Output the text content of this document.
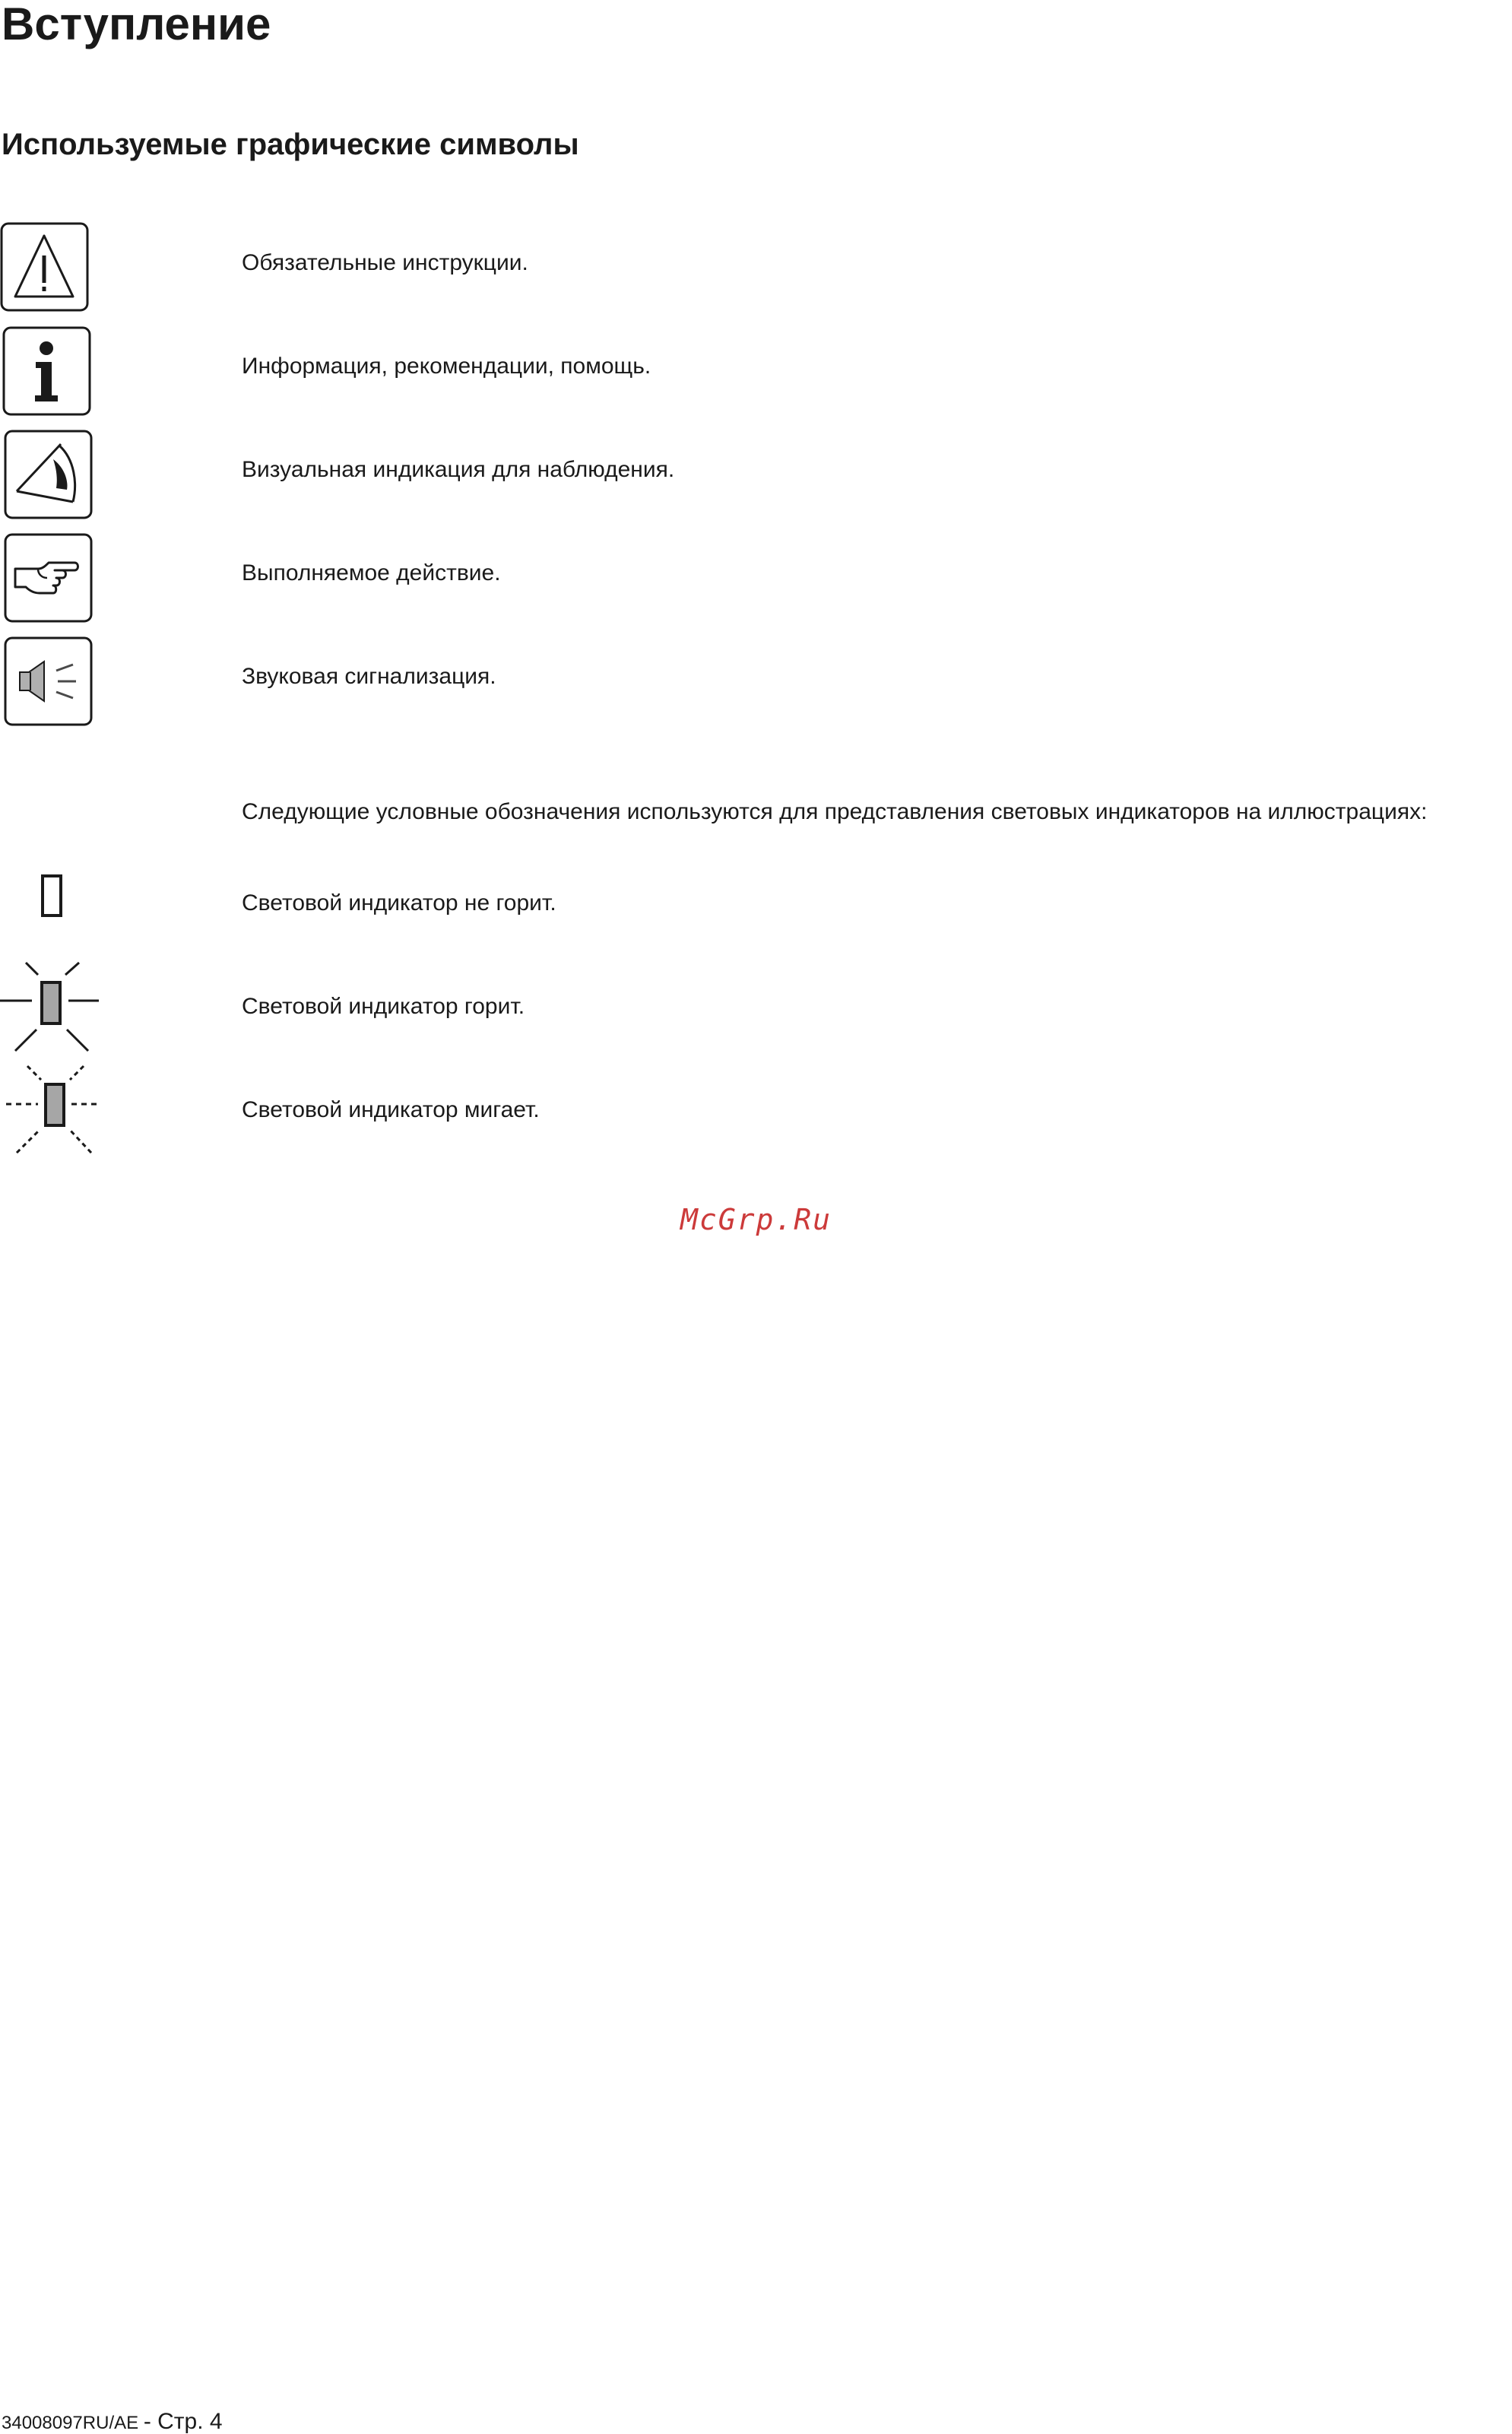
Вступление
Используемые графические символы
Обязательные инструкции.
Информация, рекомендации, помощь.
Визуальная индикация для наблюдения.
Выполняемое действие.
Звуковая сигнализация.
Следующие условные обозначения используются для представления световых индикаторов на иллюстрациях:
Световой индикатор не горит.
Световой индикатор горит.
Световой индикатор мигает.
McGrp.Ru
34008097RU/AE - Стр. 4
